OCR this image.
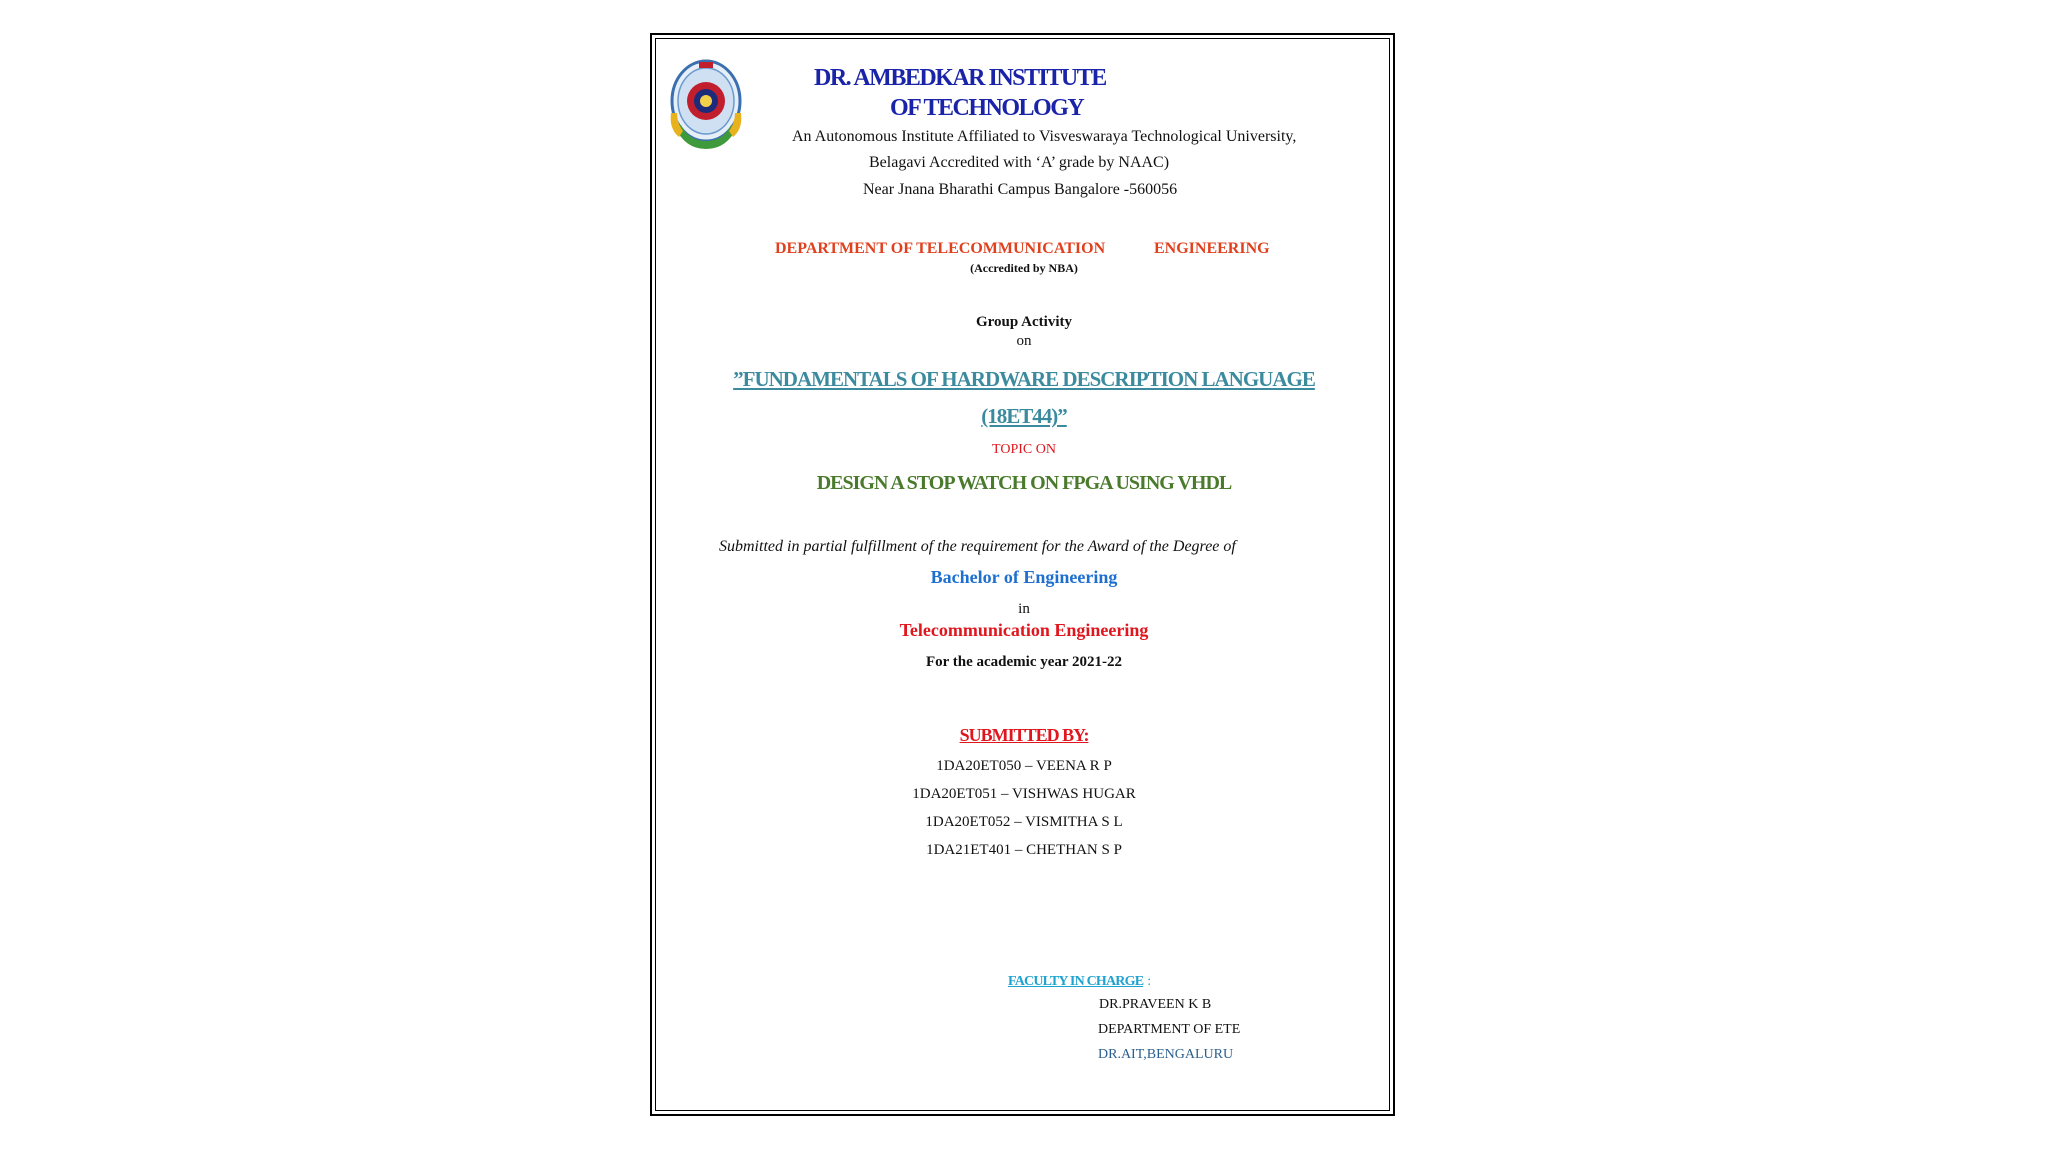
DR. AMBEDKAR INSTITUTE
OF TECHNOLOGY
An Autonomous Institute Affiliated to Visveswaraya Technological University,
Belagavi Accredited with ‘A’ grade by NAAC)
Near Jnana Bharathi Campus Bangalore -560056
DEPARTMENT OF TELECOMMUNICATION	ENGINEERING
(Accredited by NBA)
Group Activity
on
”FUNDAMENTALS OF HARDWARE DESCRIPTION LANGUAGE
(18ET44)”
TOPIC ON
DESIGN A STOP WATCH ON FPGA USING VHDL
Submitted in partial fulfillment of the requirement for the Award of the Degree of
Bachelor of Engineering
in
Telecommunication Engineering
For the academic year 2021-22
SUBMITTED BY:
1DA20ET050 – VEENA R P
1DA20ET051 – VISHWAS HUGAR
1DA20ET052 – VISMITHA S L
1DA21ET401 – CHETHAN S P
FACULTY IN CHARGE :
DR.PRAVEEN K B
DEPARTMENT OF ETE
DR.AIT,BENGALURU
